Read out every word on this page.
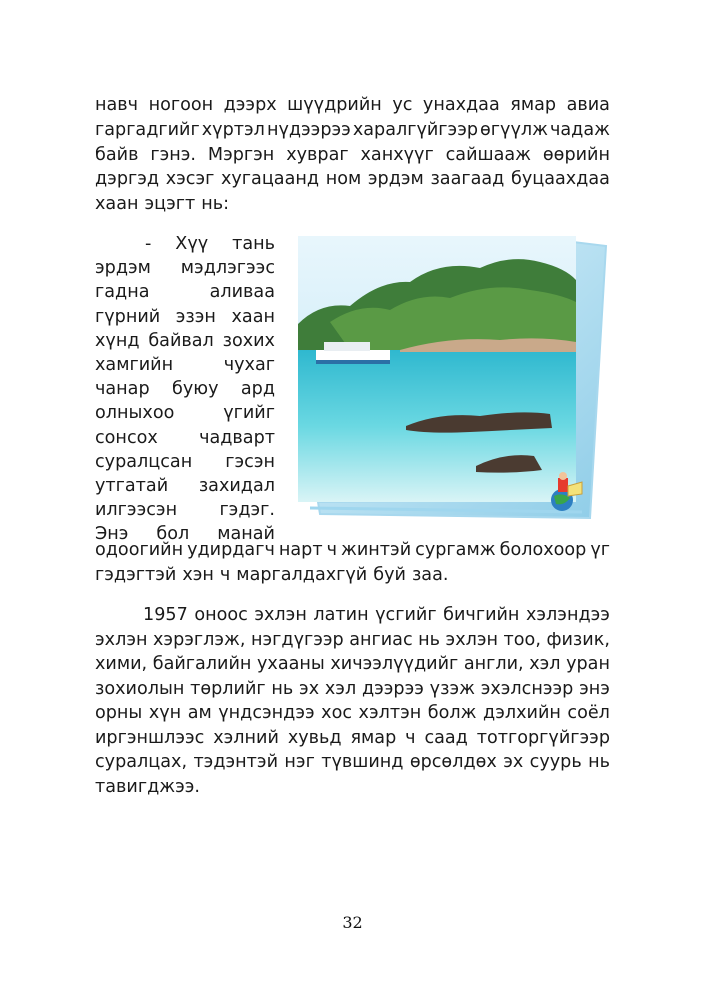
навч ногоон дээрх шүүдрийн ус унахдаа ямар авиа
гаргадгийг хүртэл нүдээрээ харалгүйгээр өгүүлж чадаж
байв гэнэ. Мэргэн хувраг ханхүүг сайшааж өөрийн
дэргэд хэсэг хугацаанд ном эрдэм заагаад буцаахдаа
хаан эцэгт нь:
- Хүү тань
эрдэм мэдлэгээс
гадна	аливаа
гүрний эзэн хаан
хүнд байвал зохих
хамгийн	чухаг
чанар буюу ард
олныхоо	үгийг
сонсох чадварт
суралцсан гэсэн
утгатай захидал
илгээсэн гэдэг.
Энэ бол манай
одоогийн удирдагч нарт ч жинтэй сургамж болохоор үг
гэдэгтэй хэн ч маргалдахгүй буй заа.
1957 оноос эхлэн латин үсгийг бичгийн хэлэндээ
эхлэн хэрэглэж, нэгдүгээр ангиас нь эхлэн тоо, физик,
хими, байгалийн ухааны хичээлүүдийг англи, хэл уран
зохиолын төрлийг нь эх хэл дээрээ үзэж эхэлснээр энэ
орны хүн ам үндсэндээ хос хэлтэн болж дэлхийн соёл
иргэншлээс хэлний хувьд ямар ч саад тотгоргүйгээр
суралцах, тэдэнтэй нэг түвшинд өрсөлдөх эх суурь нь
тавигджээ.
32
